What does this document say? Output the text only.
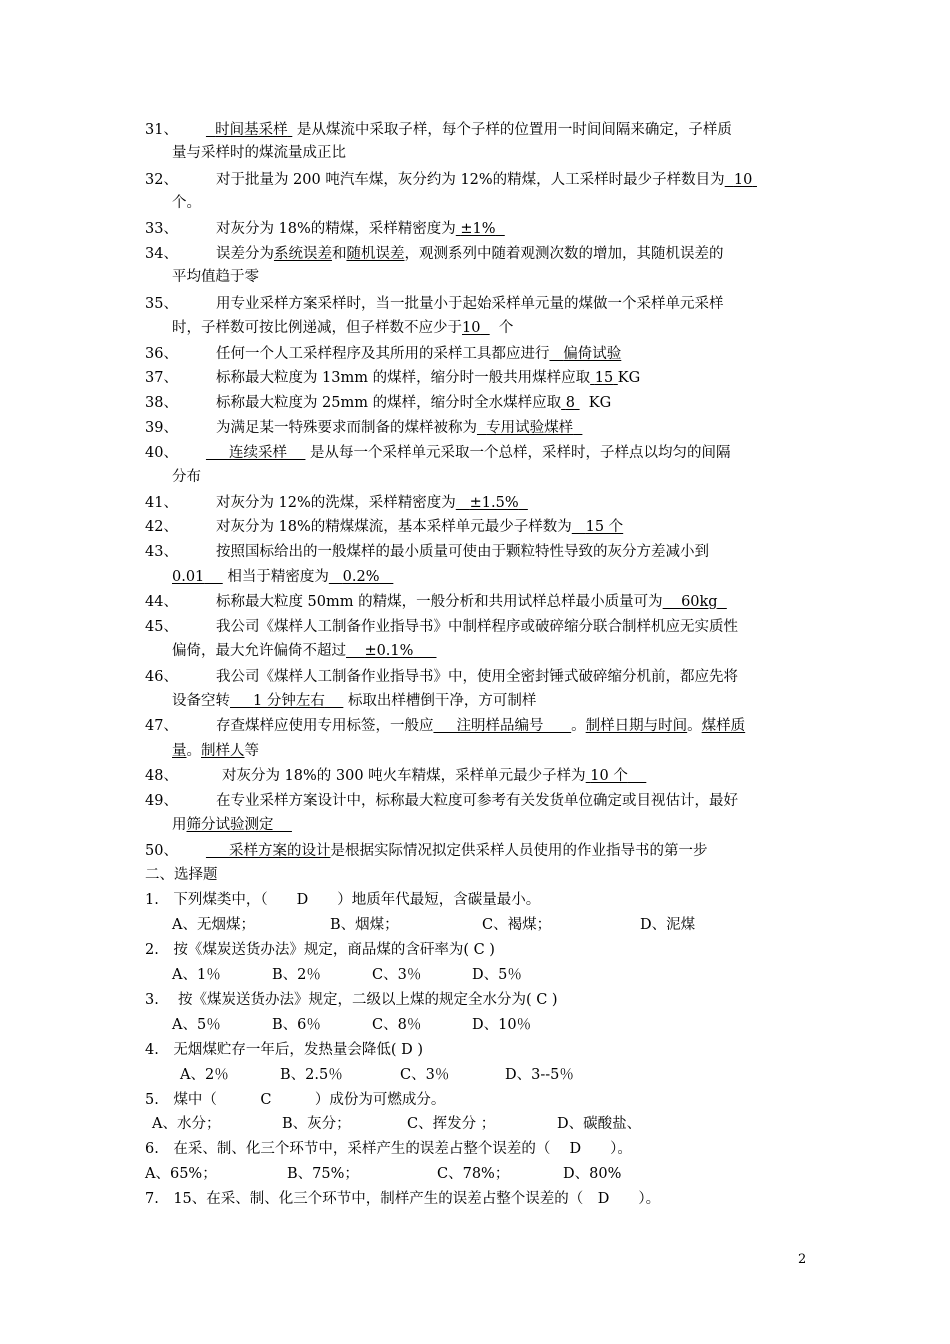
31、	时间基采样 是从煤流中采取子样，每个子样的位置用一时间间隔来确定，子样质
量与采样时的煤流量成正比
32、	对于批量为 200 吨汽车煤，灰分约为 12%的精煤，人工采样时最少子样数目为 10
个。
33、	对灰分为 18%的精煤，采样精密度为 ±1%
34、	误差分为系统误差和随机误差，观测系列中随着观测次数的增加，其随机误差的
平均值趋于零
35、	用专业采样方案采样时，当一批量小于起始采样单元量的煤做一个采样单元采样
时，子样数可按比例递减，但子样数不应少于10 个
36、	任何一个人工采样程序及其所用的采样工具都应进行 偏倚试验
37、	标称最大粒度为 13mm 的煤样，缩分时一般共用煤样应取 15 KG
38、	标称最大粒度为 25mm 的煤样，缩分时全水煤样应取 8 KG
39、	为满足某一特殊要求而制备的煤样被称为 专用试验煤样
40、	连续采样 是从每一个采样单元采取一个总样，采样时，子样点以均匀的间隔
分布
41、	对灰分为 12%的洗煤，采样精密度为 ±1.5%
42、	对灰分为 18%的精煤煤流，基本采样单元最少子样数为 15 个
43、	按照国标给出的一般煤样的最小质量可使由于颗粒特性导致的灰分方差减小到
0.01 相当于精密度为 0.2%
44、	标称最大粒度 50mm 的精煤，一般分析和共用试样总样最小质量可为 60kg
45、	我公司《煤样人工制备作业指导书》中制样程序或破碎缩分联合制样机应无实质性
偏倚，最大允许偏倚不超过 ±0.1%
46、	我公司《煤样人工制备作业指导书》中，使用全密封锤式破碎缩分机前，都应先将
设备空转 1 分钟左右 标取出样槽倒干净，方可制样
47、	存查煤样应使用专用标签，一般应 注明样品编号 。制样日期与时间。煤样质
量。制样人等
48、	对灰分为 18%的 300 吨火车精煤，采样单元最少子样为 10 个
49、	在专业采样方案设计中，标称最大粒度可参考有关发货单位确定或目视估计，最好
用筛分试验测定
50、	采样方案的设计是根据实际情况拟定供采样人员使用的作业指导书的第一步
二、选择题
1.　下列煤类中，（　　D　　）地质年代最短，含碳量最小。
A、无烟煤；	B、烟煤；	C、褐煤；	D、泥煤
2.　按《煤炭送货办法》规定，商品煤的含矸率为( C )
A、1％	B、2％	C、3％	D、5％
3.　 按《煤炭送货办法》规定，二级以上煤的规定全水分为( C )
A、5％	B、6％	C、8％	D、10％
4.　无烟煤贮存一年后，发热量会降低( D )
A、2％	B、2.5％	C、3％	D、3--5％
5.　煤中（　　　C　　　）成份为可燃成分。
A、水分；	B、灰分；	C、挥发分 ；	D、碳酸盐、
6.　在采、制、化三个环节中，采样产生的误差占整个误差的（　 D　　）。
A、65%；	B、75%；	C、78%；	D、80%
7.　15、在采、制、化三个环节中，制样产生的误差占整个误差的（　D　　）。
2
